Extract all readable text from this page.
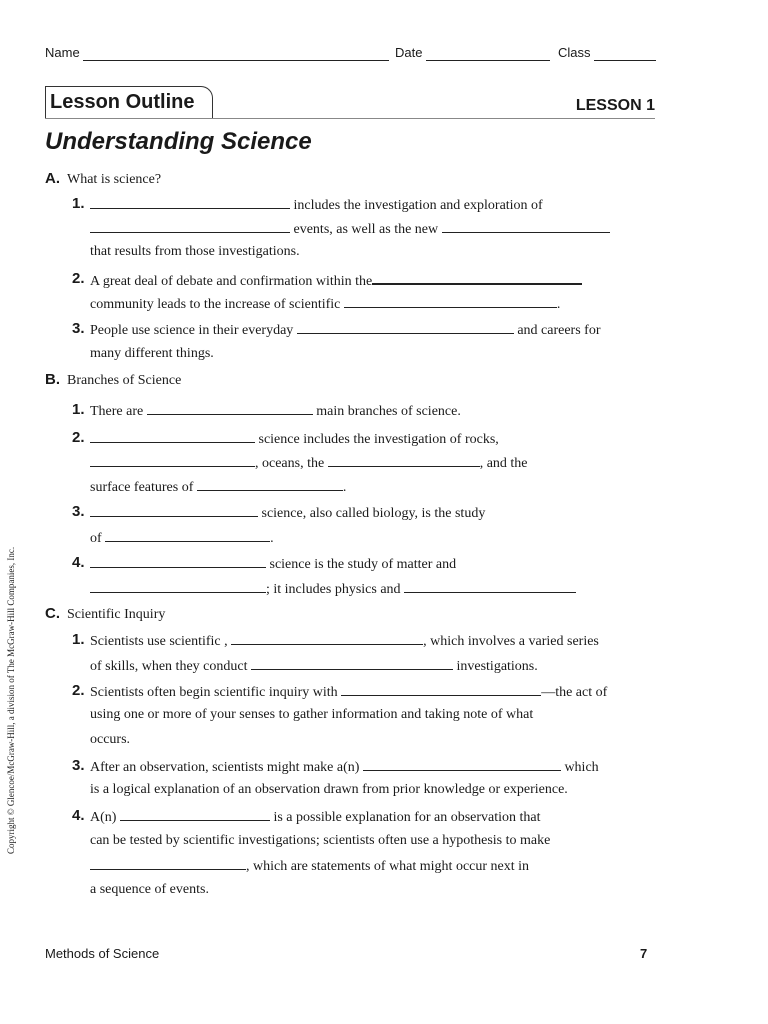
Name	Date	Class
Lesson Outline	LESSON 1
Understanding Science
A. What is science?
1.	includes the investigation and exploration of
events, as well as the new
that results from those investigations.
2. A great deal of debate and confirmation within the
community leads to the increase of scientific	.
3. People use science in their everyday	and careers for
many different things.
B. Branches of Science
1. There are	main branches of science.
2.	science includes the investigation of rocks,
, oceans, the	, and the
surface features of	.
3.	science, also called biology, is the study
of	.
4.	science is the study of matter and
; it includes physics and
C. Scientific Inquiry
1. Scientists use scientific ,	, which involves a varied series
of skills, when they conduct	investigations.
2. Scientists often begin scientific inquiry with	—the act of
using one or more of your senses to gather information and taking note of what
occurs.
3. After an observation, scientists might make a(n)	which
is a logical explanation of an observation drawn from prior knowledge or experience.
4. A(n)	is a possible explanation for an observation that
can be tested by scientific investigations; scientists often use a hypothesis to make
, which are statements of what might occur next in
a sequence of events.
Copyright © Glencoe/McGraw-Hill, a division of The McGraw-Hill Companies, Inc.
Methods of Science	7
